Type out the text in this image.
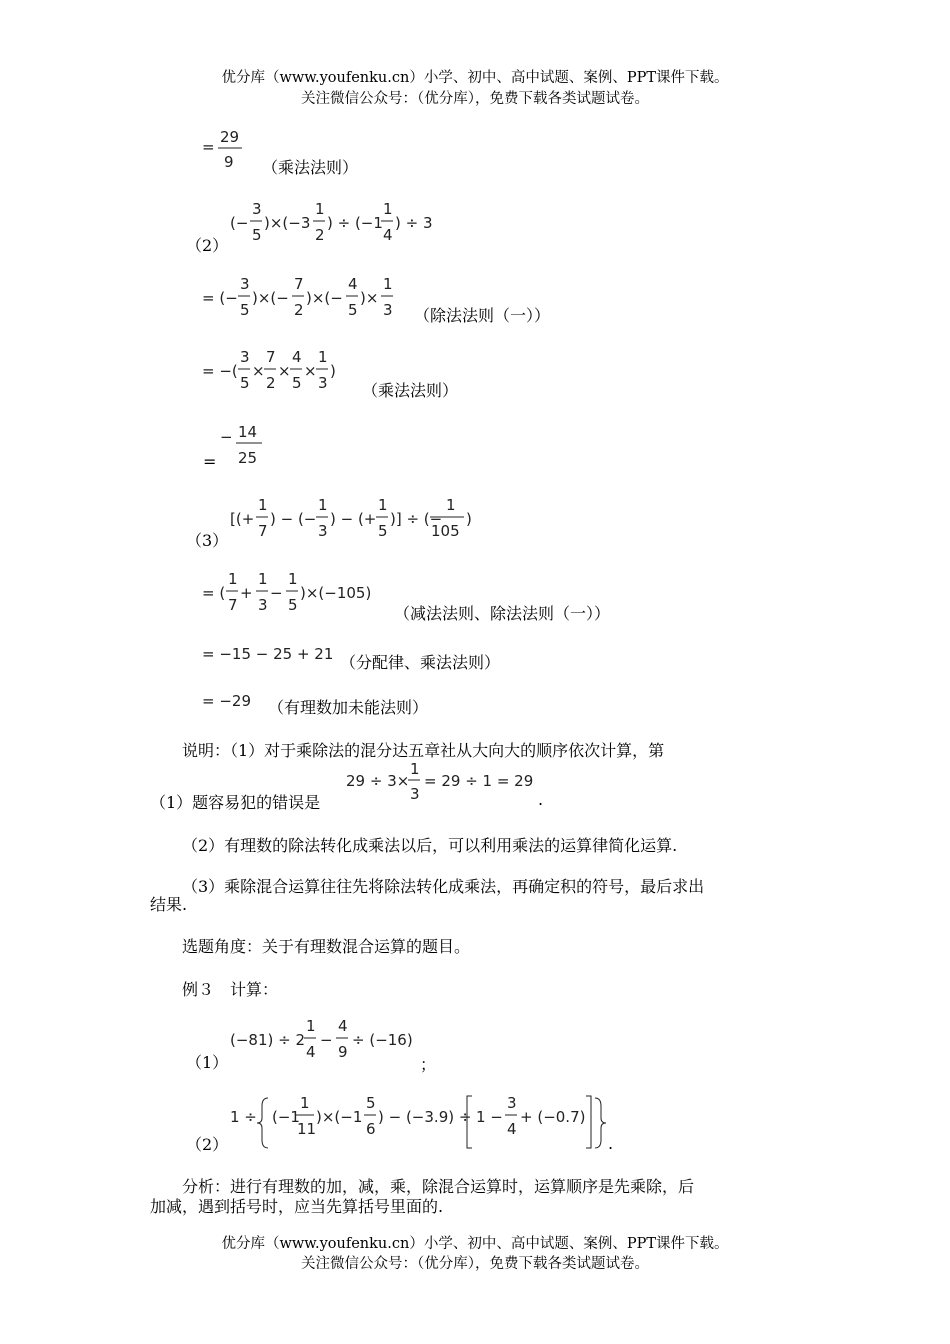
优分库（www.youfenku.cn）小学、初中、高中试题、案例、PPT课件下载。
关注微信公众号：（优分库），免费下载各类试题试卷。
=
29
9 （乘法法则）
（2）
(−
3
5
)×(−3
1
2
) ÷ (−1
1
4
) ÷ 3
= (−
3
5
)×(−
7
2
)×(−
4
5
)×
1
3 （除法法则（一））
= −(
3
5
×
7
2
×
4
5
×
1
3
)
（乘法法则）
=
− 14
25
（3）
[(+
1
7
) − (−
1
3
) − (+
1
5
)] ÷ (−
1
105
)
= (
1
7
+
1
3
−
1
5
)×(−105)
（减法法则、除法法则（一））
= −15 − 25 + 21 （分配律、乘法法则）
= −29 （有理数加未能法则）
说明：（1）对于乘除法的混分达五章社从大向大的顺序依次计算，第
（1）题容易犯的错误是
29 ÷ 3×
1
3
= 29 ÷ 1 = 29
.
（2）有理数的除法转化成乘法以后，可以利用乘法的运算律简化运算.
（3）乘除混合运算往往先将除法转化成乘法，再确定积的符号，最后求出
结果.
选题角度：关于有理数混合运算的题目。
例３　计算：
（1）
(−81) ÷ 2
1
4
−
4
9
÷ (−16)
；
（2）
1 ÷ (−1
1
11
)×(−1
5
6
) − (−3.9) ÷ 1 −
3
4
+ (−0.7)
.
分析：进行有理数的加，减，乘，除混合运算时，运算顺序是先乘除，后
加减，遇到括号时，应当先算括号里面的.
优分库（www.youfenku.cn）小学、初中、高中试题、案例、PPT课件下载。
关注微信公众号：（优分库），免费下载各类试题试卷。
